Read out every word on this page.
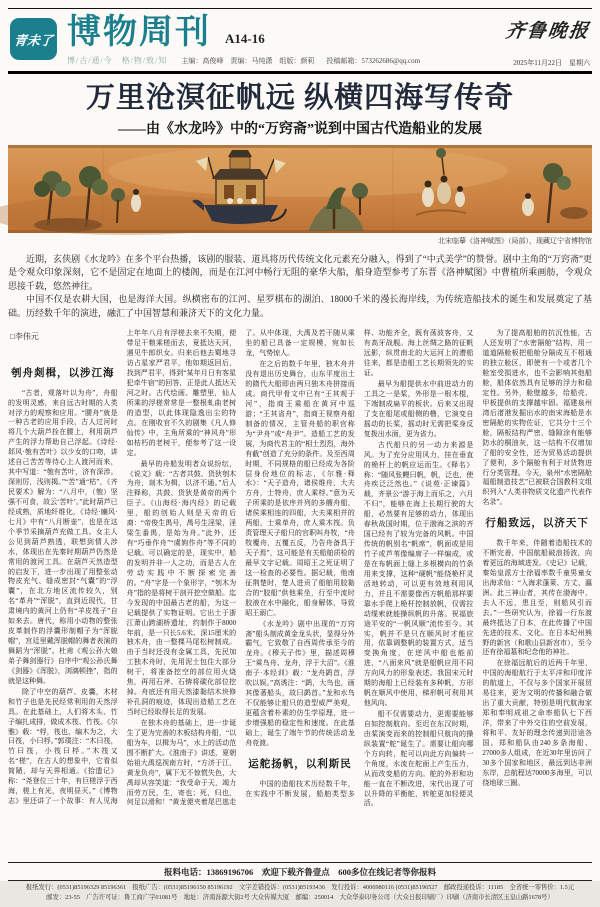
青未了 博物周刊 A14-16
博/古/通/今　格/物/致/知 主编：高俊峰　责编：马纯潇　组版：颜莉 投稿邮箱：573262686@qq.com
齐鲁晚报
2025年11月22日　星期六
万里沧溟征帆远 纵横四海写传奇
——由《水龙吟》中的“万窍斋”说到中国古代造船业的发展
北宋临摹《洛神赋图》（局部），现藏辽宁省博物馆

近期，玄侠剧《水龙吟》在多个平台热播，该剧的服装、道具将历代传统文化元素充分融入，得到了“中式美学”的赞誉。剧中主角的“万窍斋”更是令观众印象深刻，它不是固定在地面上的楼阁，而是在江河中畅行无阻的豪华大船，船身造型参考了东晋《洛神赋图》中曹植所乘画舫，令观众思接千载，悠然神往。

中国不仅是农耕大国，也是海洋大国。纵横密布的江河、星罗棋布的湖泊、18000千米的漫长海岸线，为传统造船技术的诞生和发展奠定了基础。历经数千年的演进，融汇了中国智慧和兼济天下的文化力量。

□李伟元
刳舟剡楫，以涉江海

“古者，观落叶以为舟”，舟船的发明灵感，来自远古时期的人类对浮力的观察和应用。“腰舟”就是一种古老的应用手段，古人过河时将几个大葫芦拴在腰上，利用葫芦产生的浮力帮助自己浮起。《诗经·邶风·匏有苦叶》以少女的口吻，讲述自己苦苦等待心上人渡河而来，其中写道：“匏有苦叶，济有深涉。深则厉，浅则揭。”“苦”通“枯”，《齐民要术》解为：“八月中，（匏）坚强不可食，故云‘苦叶’。”此时葫芦已经成熟，质地纤维化，《诗经·豳风·七月》中有“八月断壶”，也是在这个季节采摘葫芦充做工具。女主人公见到葫芦熟透，联想到情人涉水，体现出在先秦时期葫芦仍然是常用的渡河工具。在葫芦天然造型的启发下，进一步出现了用整张动物皮充气、缝成密封“气囊”的“浮囊”，在北方地区流传较久，别名“革舟”“浑脱”，直到近现代，甘肃境内的黄河上仍有“羊皮筏子”自如来去。唐代，称用小动物的整张皮革制作的浮囊形制帽子为“浑脱帽”，宫廷里戴浑脱帽的舞者表演的舞蹈为“浑脱”。杜甫《观公孙大娘弟子舞剑器行》自序中“观公孙氏舞《剑器》《浑脱》，浏漓顿挫”，指的就是这种舞。

除了中空的葫芦、皮囊，木材和竹子也是先民经常利用的天然浮具。在此基础上，人们将木头、竹子编扎成排，做成木筏、竹筏。《尔雅》载：“桴，筏也，编木为之，大曰筏，小曰桴。”郭璞注：“木曰筏，竹曰筏，小筏曰桴。”木筏又名“槎”，在古人的想象中，它看似简陋，却与天界相通。《拾遗记》称：“尧登位三十年，有巨槎浮于西海，槎上有光，夜明昼灭。”《博物志》里还讲了一个故事：有人见海上年年八月有浮槎去来不失期，便带足干粮乘槎而去，竟抵达天河，遇见牛郎织女。归来后他去蜀地寻访占星家严君平，他如期返回后，找到严君平，得到“某年月日有客星犯牵牛宿”的回答，正是此人抵达天河之时。古代绘画、雕塑里，仙人所乘的浮槎常常是一整根虬曲老树的造型，以此体现隐逸出尘的特点。在刚收官不久的剧集《凡人修仙传》中，主角所乘的“神风舟”形如枯朽的老树干，便参考了这一设定。

最早的舟船发明者众说纷纭，《说文》载：“古者共鼓、货狄刳木为舟，剡木为楫，以济不通。”后人注释称，共鼓、货狄是黄帝的两个臣子。《山海经·海内经》的记载里，船的创始人则是天帝的后裔：“帝俊生禺号，禺号生淫梁，淫梁生番禺，是始为舟。”此外，还有“巧垂作舟”“虞姁作舟”等不同的记载。可以确定的是，现实中，船的发明并非一人之功，而是古人在劳动实践中不断探索完善的。“舟”字是一个象形字，“刳木为舟”指的是将树干剖开挖空做船。迄今发现的中国最古老的船，为这一记载提供了实物证明。它出土于浙江萧山跨湖桥遗址，约制作于8000年前，是一只长5.6米、深15厘米的独木舟，由一整棵马尾松树制成。由于当时还没有金属工具，先民加工独木舟时，先用泥土包住大部分树干，将准备挖空的部位用火烧焦，再用石斧、石锛将碳化部位挖掉。舟底还有用天然漆黏结木块修补孔洞的痕迹，体现出造船工艺在当时已经取得长足的发展。

在独木舟的基础上，进一步诞生了更为完善的木板结构舟船，“以船为车，以楫为马”，水上的活动范围不断扩大。《淮南子》讲述，夏朝始祖大禹巡视南方时，“方济于江，黄龙负舟”，属下无不惊慌失色，大禹却从容笑道：“我受命于天，竭力而劳万民，生，寄也；死，归也，何足以滑和！”黄龙便夹着尾巴逃走了。从中体现，大禹及若干随从乘坐的船已具备一定规模，宛如长龙，气势惊人。

在之后的数千年里，独木舟并没有退出历史舞台，山东平度出土的隋代大船即由两只独木舟拼接而成。商代甲骨文中已有“王其观于河”，指商王乘船在黄河中巡游；“王其省舟”，指商王视察舟船制备的情况，主管舟船的职官称为“尹舟”或“舟尹”。造船工艺的发展，为商代君主的“相土烈烈，海外有截”创造了充分的条件。及至西周时期，不同规格的船已经成为各阶层身份地位的标志，《尔雅·释水》：“天子造舟，诸侯维舟，大夫方舟，士特舟，庶人乘桴。”意为天子所乘的是依序并列的多艘舟船，诸侯乘相连的四船，大夫乘相并的两船，士乘单舟，庶人乘木筏。负责管理天子船只的官职叫舟牧，“舟牧覆舟，五覆五反，乃告舟备具于天子焉”，这可能是有关船舶质检的最早文字记载。周昭王之死证明了这一检查的必要性。据记载，他南征荆楚时，楚人进贡了船舶用胶黏合的“胶船”供他乘坐，行至中流时胶液在水中融化，船身解体，导致昭王溺亡。

《水龙吟》剧中出现的“万窍斋”船头制成黄金龙头状，显得分外霸气，它致敬了自西周传承至今的龙舟。《穆天子传》里，描述周穆王“乘鸟舟、龙舟，浮于大沼”。《淮南子·本经训》载：“龙舟鹢首，浮吹以娱。”高诱注：“鹢，大鸟也，画其像著船头，故曰鹢首。”龙和水鸟不仅能够让船只的造型威严美观，更蕴含着朴素的仿生学原理，进一步增强船的稳定性和速度。在此基础上，诞生了端午节的传统活动龙舟竞渡。

运舵扬帆，以利斯民

中国的造船技术历经数千年，在实践中不断发展，船舶类型多样、功能齐全，既有荡波客舟，又有高牙战舰。海上丝绸之路的征帆远影，纵贯南北的大运河上的漕船往来，都是造船工艺长期领先的实证。

最早为船提供水中前进动力的工具之一是桨，外形是一根木棍，下端制成扁平的板状。后来又出现了支在船尾或船侧的橹，它演变自摇动的长桨，摇动时无需把桨身反复拨出水面，更为省力。

古代船只的另一动力来源是风。为了充分应用风力，挂在垂直的桅杆上的帆应运而生。《释名》称：“随风张幔曰帆，帆，泛也，使舟疾泛泛然也。”《说苑·正谏篇》载，齐景公“游于海上而乐之，六月不归”，能够在海上长期行驶的大船，必然要有足够的动力，体现出春秋战国时期，位于渤海之滨的齐国已经有了较为完备的风帆。中国传统的帆别名“帆席”，帆面或是用竹子或芦苇像编席子一样编成，或是在布帆面上缝上多根横向的竹条用来支撑，这种“硬帆”能绕桅杆灵活地转动，可以更有效地利用风力，并且不需要像西方帆船那样要靠水手爬上桅杆控制放帆，仅需拉动缆索就能操纵帆的升落。祝福旅途平安的“一帆风顺”流传至今。其实，帆并不是只在顺风时才能应用，依靠调整帆的装置方式，适当变换角度，在逆风中船也能前进，“八面来风”就是船帆应用不同方向风力的形象表述。我国宋元时期的海船上已经装有多种帆，方形帆在顺风中使用，梯形帆可利用其他风向。

船不仅需要动力，更需要能够自如控制航向。至迟在东汉时期，由桨演变而来的控制船只航向的操纵装置“舵”诞生了。需要让船向哪个方向转，舵可以向此方向偏转一个角度，水流在舵面上产生压力，从而改变船的方向。舵的外形和功能一直在不断改进，宋代出现了可以升降的平衡舵，转舵更加轻便灵活。

为了提高船舶的抗沉性能，古人还发明了“水密隔舱”结构，用一道道隔舱板把船舱分隔成互不相通的独立舱区，即使有一个或者几个舱室受损进水，也不会影响其他船舱，船体依然具有足够的浮力和稳定性。另外，舱壁越多，给船壳、甲板提供的支撑越牢固。福建泉州湾后渚港发掘出水的南宋海船是水密隔舱的实物佐证，它共分十三个舱，隔板结构严密，缝隙涂有能够防水的桐油灰，这一结构不仅增加了船的安全性，还为贸易活动提供了便利，多个隔舱有利于对货物进行分类管理。今天，泉州“水密隔舱福船制造技艺”已被联合国教科文组织列入“人类非物质文化遗产代表作名录”。

行船致远，以济天下

数千年来，伴随着造船技术的不断完善，中国航船破浪扬波，向着更远的海域进发。《史记》记载，秦始皇派方士徐福率数千童男童女出海求仙：“入海求蓬莱、方丈、瀛洲。此三神山者，其传在渤海中，去人不远，患且至，则船风引而去。”一些研究认为，徐福一行东渡最终抵达了日本，在此传播了中国先进的技术、文化。在日本纪州熊野的新宫（和歌山县新宫市），至今还有徐福墓和纪念他的神社。

在徐福远航后的近两千年里，中国的海船航行于太平洋和印度洋的航道上，不仅与多个国家开展贸易往来，更为文明的传播和融合做出了重大贡献，特别是明代航海家郑和奉明成祖之命率船队七下西洋，带来了中外交往的空前发展，将和平、友好的理念传递到沿途各国。郑和船队由240多条海船、27000多人组成，在近30年里访问了30多个国家和地区，最远到达非洲东岸，总航程达70000多海里，可以绕地球三圈。

报料电话：13869196706　欢迎下载齐鲁壹点　600多位在线记者等你报料

报纸发行：(0531)85196329 85196361　报纸广告：(0531)85196150 85196192　文字差错投诉：(0531)85193436　发行投诉：4006980116 (0531)85196527　邮政投递投诉：11185　全省统一零售价：1.5元

邮发：23-55　广告许可证：鲁工商广字01081号　地址：济南泺源大街2号 大众传媒大厦　邮编：250014　大众华泰印务公司（大众日报印刷厂）印刷（济南市长清区玉皇山路1678号）
